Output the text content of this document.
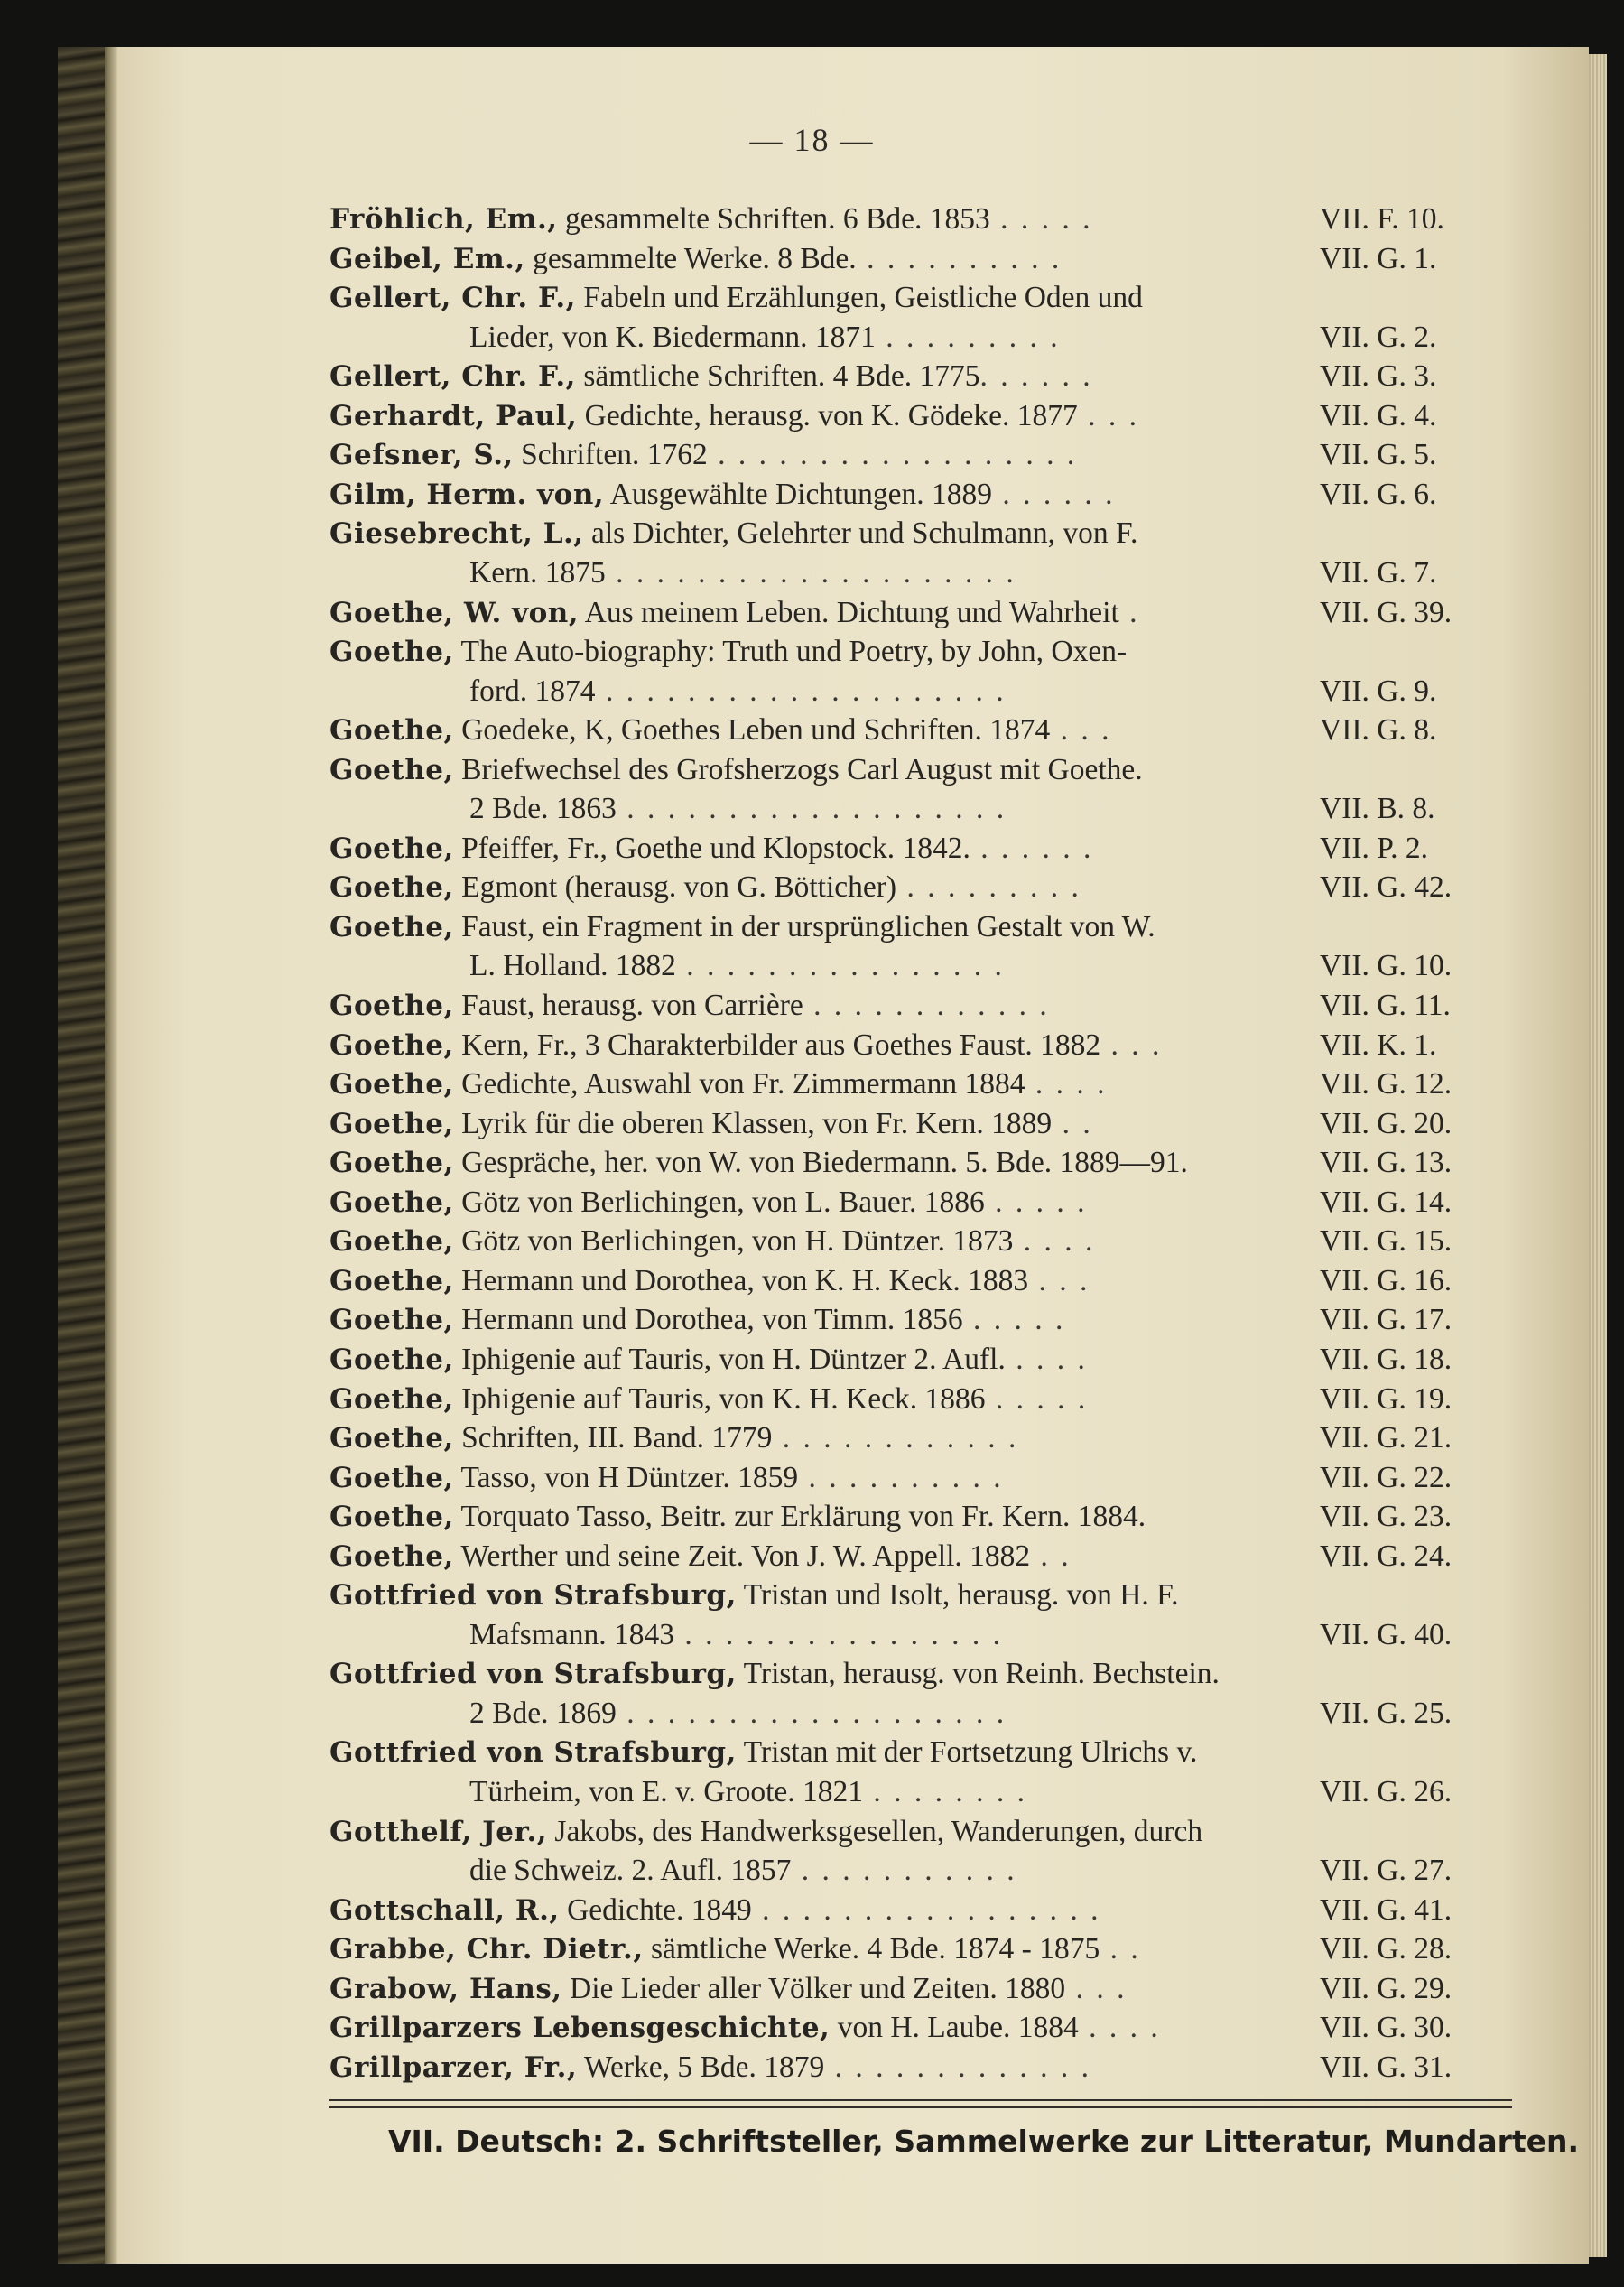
— 18 —
Fröhlich, Em., gesammelte Schriften. 6 Bde. 1853 . . . . .	VII. F. 10.
Geibel, Em., gesammelte Werke. 8 Bde. . . . . . . . . . .	VII. G. 1.
Gellert, Chr. F., Fabeln und Erzählungen, Geistliche Oden und
Lieder, von K. Biedermann. 1871 . . . . . . . . .	VII. G. 2.
Gellert, Chr. F., sämtliche Schriften. 4 Bde. 1775. . . . . .	VII. G. 3.
Gerhardt, Paul, Gedichte, herausg. von K. Gödeke. 1877 . . .	VII. G. 4.
Gefsner, S., Schriften. 1762 . . . . . . . . . . . . . . . . . .	VII. G. 5.
Gilm, Herm. von, Ausgewählte Dichtungen. 1889 . . . . . .	VII. G. 6.
Giesebrecht, L., als Dichter, Gelehrter und Schulmann, von F.
Kern. 1875 . . . . . . . . . . . . . . . . . . . .	VII. G. 7.
Goethe, W. von, Aus meinem Leben. Dichtung und Wahrheit .	VII. G. 39.
Goethe, The Auto-biography: Truth und Poetry, by John, Oxen-
ford. 1874 . . . . . . . . . . . . . . . . . . . .	VII. G. 9.
Goethe, Goedeke, K, Goethes Leben und Schriften. 1874 . . .	VII. G. 8.
Goethe, Briefwechsel des Grofsherzogs Carl August mit Goethe.
2 Bde. 1863 . . . . . . . . . . . . . . . . . . .	VII. B. 8.
Goethe, Pfeiffer, Fr., Goethe und Klopstock. 1842. . . . . . .	VII. P. 2.
Goethe, Egmont (herausg. von G. Bötticher) . . . . . . . . .	VII. G. 42.
Goethe, Faust, ein Fragment in der ursprünglichen Gestalt von W.
L. Holland. 1882 . . . . . . . . . . . . . . . .	VII. G. 10.
Goethe, Faust, herausg. von Carrière . . . . . . . . . . . .	VII. G. 11.
Goethe, Kern, Fr., 3 Charakterbilder aus Goethes Faust. 1882 . . .	VII. K. 1.
Goethe, Gedichte, Auswahl von Fr. Zimmermann 1884 . . . .	VII. G. 12.
Goethe, Lyrik für die oberen Klassen, von Fr. Kern. 1889 . .	VII. G. 20.
Goethe, Gespräche, her. von W. von Biedermann. 5. Bde. 1889—91.	VII. G. 13.
Goethe, Götz von Berlichingen, von L. Bauer. 1886 . . . . .	VII. G. 14.
Goethe, Götz von Berlichingen, von H. Düntzer. 1873 . . . .	VII. G. 15.
Goethe, Hermann und Dorothea, von K. H. Keck. 1883 . . .	VII. G. 16.
Goethe, Hermann und Dorothea, von Timm. 1856 . . . . .	VII. G. 17.
Goethe, Iphigenie auf Tauris, von H. Düntzer 2. Aufl. . . . .	VII. G. 18.
Goethe, Iphigenie auf Tauris, von K. H. Keck. 1886 . . . . .	VII. G. 19.
Goethe, Schriften, III. Band. 1779 . . . . . . . . . . . .	VII. G. 21.
Goethe, Tasso, von H Düntzer. 1859 . . . . . . . . . .	VII. G. 22.
Goethe, Torquato Tasso, Beitr. zur Erklärung von Fr. Kern. 1884.	VII. G. 23.
Goethe, Werther und seine Zeit. Von J. W. Appell. 1882 . .	VII. G. 24.
Gottfried von Strafsburg, Tristan und Isolt, herausg. von H. F.
Mafsmann. 1843 . . . . . . . . . . . . . . . .	VII. G. 40.
Gottfried von Strafsburg, Tristan, herausg. von Reinh. Bechstein.
2 Bde. 1869 . . . . . . . . . . . . . . . . . . .	VII. G. 25.
Gottfried von Strafsburg, Tristan mit der Fortsetzung Ulrichs v.
Türheim, von E. v. Groote. 1821 . . . . . . . .	VII. G. 26.
Gotthelf, Jer., Jakobs, des Handwerksgesellen, Wanderungen, durch
die Schweiz. 2. Aufl. 1857 . . . . . . . . . . .	VII. G. 27.
Gottschall, R., Gedichte. 1849 . . . . . . . . . . . . . . . . .	VII. G. 41.
Grabbe, Chr. Dietr., sämtliche Werke. 4 Bde. 1874 - 1875 . .	VII. G. 28.
Grabow, Hans, Die Lieder aller Völker und Zeiten. 1880 . . .	VII. G. 29.
Grillparzers Lebensgeschichte, von H. Laube. 1884 . . . .	VII. G. 30.
Grillparzer, Fr., Werke, 5 Bde. 1879 . . . . . . . . . . . . .	VII. G. 31.
VII. Deutsch: 2. Schriftsteller, Sammelwerke zur Litteratur, Mundarten.
